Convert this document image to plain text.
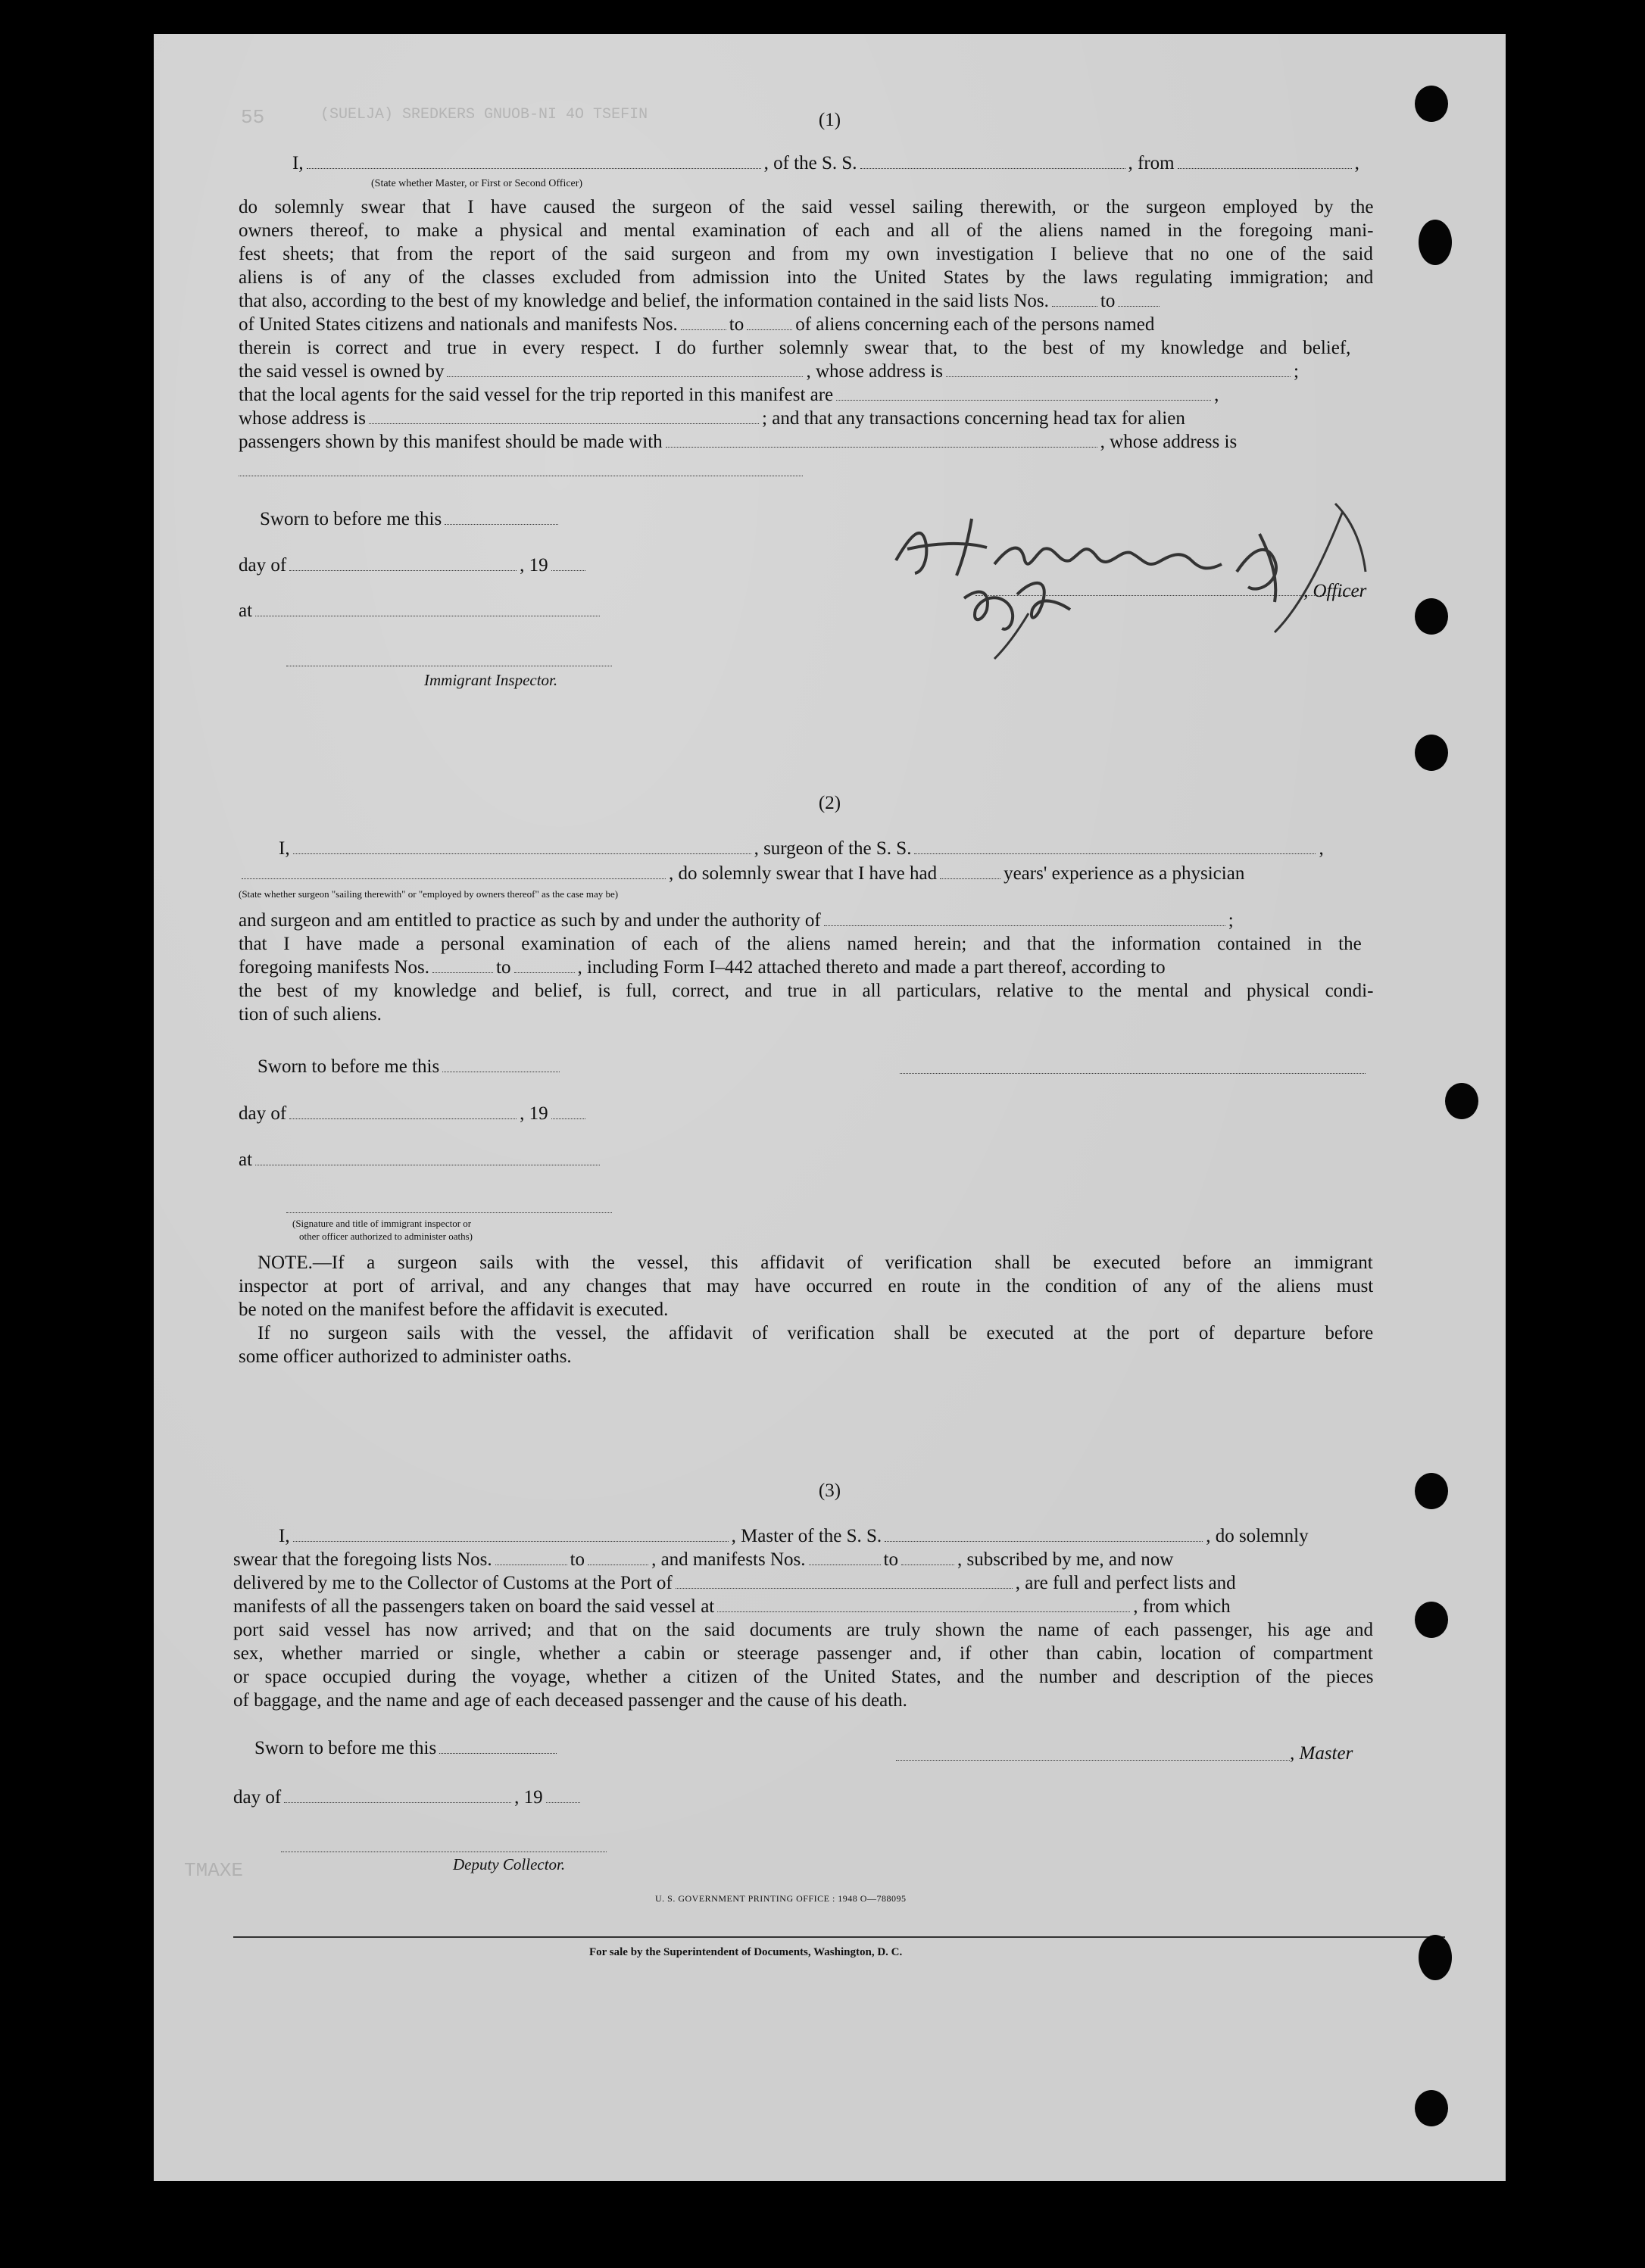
55	(SUELJA) SREDKERS GNUOB-NI 4O TSEFIN
TMAXE
(1)
I,	, of the S. S.	, from	,
(State whether Master, or First or Second Officer)
do solemnly swear that I have caused the surgeon of the said vessel sailing therewith, or the surgeon employed by the
owners thereof, to make a physical and mental examination of each and all of the aliens named in the foregoing mani-
fest sheets; that from the report of the said surgeon and from my own investigation I believe that no one of the said
aliens is of any of the classes excluded from admission into the United States by the laws regulating immigration; and
that also, according to the best of my knowledge and belief, the information contained in the said lists Nos.	to
of United States citizens and nationals and manifests Nos.	to	of aliens concerning each of the persons named
therein is correct and true in every respect. I do further solemnly swear that, to the best of my knowledge and belief,
the said vessel is owned by	, whose address is	;
that the local agents for the said vessel for the trip reported in this manifest are	,
whose address is	; and that any transactions concerning head tax for alien
passengers shown by this manifest should be made with	, whose address is
Sworn to before me this
day of	, 19
at
Immigrant Inspector.
, Officer
(2)
I,	, surgeon of the S. S.	,
, do solemnly swear that I have had	years' experience as a physician
(State whether surgeon "sailing therewith" or "employed by owners thereof" as the case may be)
and surgeon and am entitled to practice as such by and under the authority of	;
that I have made a personal examination of each of the aliens named herein; and that the information contained in the
foregoing manifests Nos.	to	, including Form I–442 attached thereto and made a part thereof, according to
the best of my knowledge and belief, is full, correct, and true in all particulars, relative to the mental and physical condi-
tion of such aliens.
Sworn to before me this
day of	, 19
at
(Signature and title of immigrant inspector or
other officer authorized to administer oaths)
NOTE.—If a surgeon sails with the vessel, this affidavit of verification shall be executed before an immigrant
inspector at port of arrival, and any changes that may have occurred en route in the condition of any of the aliens must
be noted on the manifest before the affidavit is executed.
If no surgeon sails with the vessel, the affidavit of verification shall be executed at the port of departure before
some officer authorized to administer oaths.
(3)
I,	, Master of the S. S.	, do solemnly
swear that the foregoing lists Nos.	to	, and manifests Nos.	to	, subscribed by me, and now
delivered by me to the Collector of Customs at the Port of	, are full and perfect lists and
manifests of all the passengers taken on board the said vessel at	, from which
port said vessel has now arrived; and that on the said documents are truly shown the name of each passenger, his age and
sex, whether married or single, whether a cabin or steerage passenger and, if other than cabin, location of compartment
or space occupied during the voyage, whether a citizen of the United States, and the number and description of the pieces
of baggage, and the name and age of each deceased passenger and the cause of his death.
Sworn to before me this	, Master
day of	, 19
Deputy Collector.
U. S. GOVERNMENT PRINTING OFFICE : 1948 O—788095
For sale by the Superintendent of Documents, Washington, D. C.
